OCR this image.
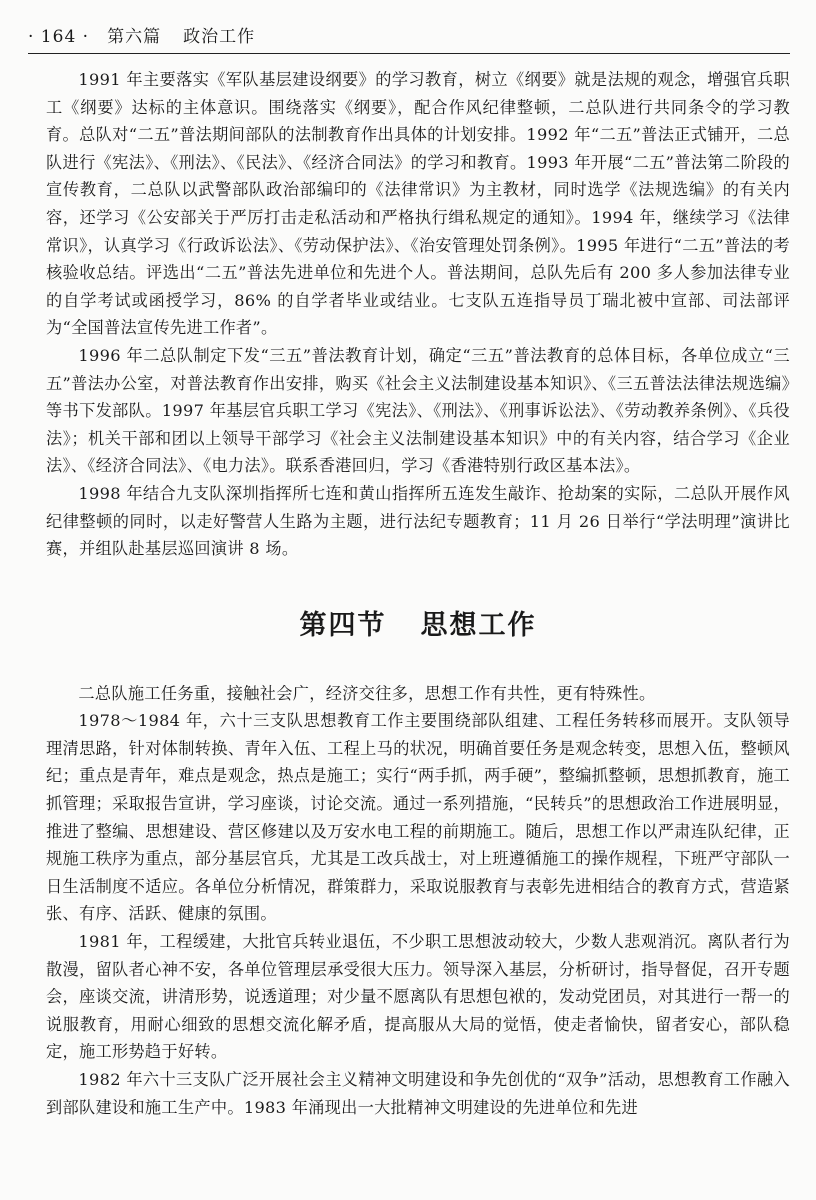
· 164 · 第六篇 政治工作

1991 年主要落实《军队基层建设纲要》的学习教育，树立《纲要》就是法规的观念，增强官兵职工《纲要》达标的主体意识。围绕落实《纲要》，配合作风纪律整顿，二总队进行共同条令的学习教育。总队对“二五”普法期间部队的法制教育作出具体的计划安排。1992 年“二五”普法正式铺开，二总队进行《宪法》、《刑法》、《民法》、《经济合同法》的学习和教育。1993 年开展“二五”普法第二阶段的宣传教育，二总队以武警部队政治部编印的《法律常识》为主教材，同时选学《法规选编》的有关内容，还学习《公安部关于严厉打击走私活动和严格执行缉私规定的通知》。1994 年，继续学习《法律常识》，认真学习《行政诉讼法》、《劳动保护法》、《治安管理处罚条例》。1995 年进行“二五”普法的考核验收总结。评选出“二五”普法先进单位和先进个人。普法期间，总队先后有 200 多人参加法律专业的自学考试或函授学习，86% 的自学者毕业或结业。七支队五连指导员丁瑞北被中宣部、司法部评为“全国普法宣传先进工作者”。

1996 年二总队制定下发“三五”普法教育计划，确定“三五”普法教育的总体目标，各单位成立“三五”普法办公室，对普法教育作出安排，购买《社会主义法制建设基本知识》、《三五普法法律法规选编》等书下发部队。1997 年基层官兵职工学习《宪法》、《刑法》、《刑事诉讼法》、《劳动教养条例》、《兵役法》；机关干部和团以上领导干部学习《社会主义法制建设基本知识》中的有关内容，结合学习《企业法》、《经济合同法》、《电力法》。联系香港回归，学习《香港特别行政区基本法》。

1998 年结合九支队深圳指挥所七连和黄山指挥所五连发生敲诈、抢劫案的实际，二总队开展作风纪律整顿的同时，以走好警营人生路为主题，进行法纪专题教育；11 月 26 日举行“学法明理”演讲比赛，并组队赴基层巡回演讲 8 场。

第四节 思想工作

二总队施工任务重，接触社会广，经济交往多，思想工作有共性，更有特殊性。

1978～1984 年，六十三支队思想教育工作主要围绕部队组建、工程任务转移而展开。支队领导理清思路，针对体制转换、青年入伍、工程上马的状况，明确首要任务是观念转变，思想入伍，整顿风纪；重点是青年，难点是观念，热点是施工；实行“两手抓，两手硬”，整编抓整顿，思想抓教育，施工抓管理；采取报告宣讲，学习座谈，讨论交流。通过一系列措施，“民转兵”的思想政治工作进展明显，推进了整编、思想建设、营区修建以及万安水电工程的前期施工。随后，思想工作以严肃连队纪律，正规施工秩序为重点，部分基层官兵，尤其是工改兵战士，对上班遵循施工的操作规程，下班严守部队一日生活制度不适应。各单位分析情况，群策群力，采取说服教育与表彰先进相结合的教育方式，营造紧张、有序、活跃、健康的氛围。

1981 年，工程缓建，大批官兵转业退伍，不少职工思想波动较大，少数人悲观消沉。离队者行为散漫，留队者心神不安，各单位管理层承受很大压力。领导深入基层，分析研讨，指导督促，召开专题会，座谈交流，讲清形势，说透道理；对少量不愿离队有思想包袱的，发动党团员，对其进行一帮一的说服教育，用耐心细致的思想交流化解矛盾，提高服从大局的觉悟，使走者愉快，留者安心，部队稳定，施工形势趋于好转。

1982 年六十三支队广泛开展社会主义精神文明建设和争先创优的“双争”活动，思想教育工作融入到部队建设和施工生产中。1983 年涌现出一大批精神文明建设的先进单位和先进
